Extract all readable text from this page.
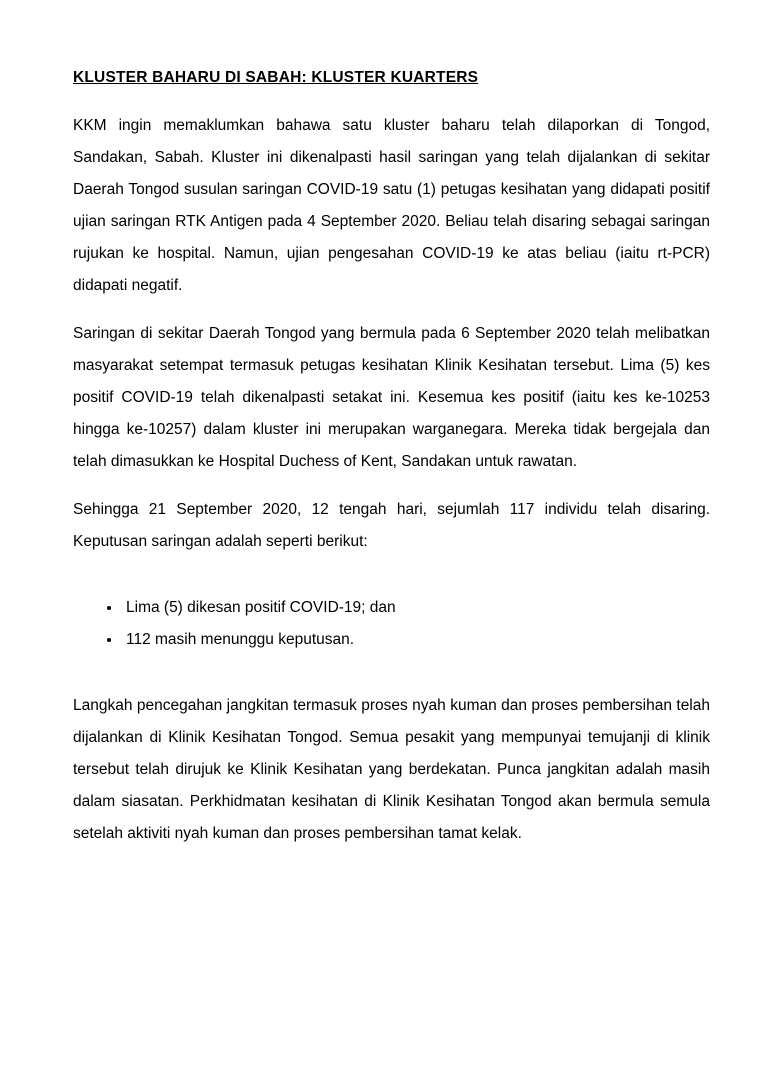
KLUSTER BAHARU DI SABAH: KLUSTER KUARTERS

KKM ingin memaklumkan bahawa satu kluster baharu telah dilaporkan di Tongod, Sandakan, Sabah. Kluster ini dikenalpasti hasil saringan yang telah dijalankan di sekitar Daerah Tongod susulan saringan COVID-19 satu (1) petugas kesihatan yang didapati positif ujian saringan RTK Antigen pada 4 September 2020. Beliau telah disaring sebagai saringan rujukan ke hospital. Namun, ujian pengesahan COVID-19 ke atas beliau (iaitu rt-PCR) didapati negatif.

Saringan di sekitar Daerah Tongod yang bermula pada 6 September 2020 telah melibatkan masyarakat setempat termasuk petugas kesihatan Klinik Kesihatan tersebut. Lima (5) kes positif COVID-19 telah dikenalpasti setakat ini. Kesemua kes positif (iaitu kes ke-10253 hingga ke-10257) dalam kluster ini merupakan warganegara. Mereka tidak bergejala dan telah dimasukkan ke Hospital Duchess of Kent, Sandakan untuk rawatan.

Sehingga 21 September 2020, 12 tengah hari, sejumlah 117 individu telah disaring. Keputusan saringan adalah seperti berikut:

• Lima (5) dikesan positif COVID-19; dan
• 112 masih menunggu keputusan.

Langkah pencegahan jangkitan termasuk proses nyah kuman dan proses pembersihan telah dijalankan di Klinik Kesihatan Tongod. Semua pesakit yang mempunyai temujanji di klinik tersebut telah dirujuk ke Klinik Kesihatan yang berdekatan. Punca jangkitan adalah masih dalam siasatan. Perkhidmatan kesihatan di Klinik Kesihatan Tongod akan bermula semula setelah aktiviti nyah kuman dan proses pembersihan tamat kelak.
